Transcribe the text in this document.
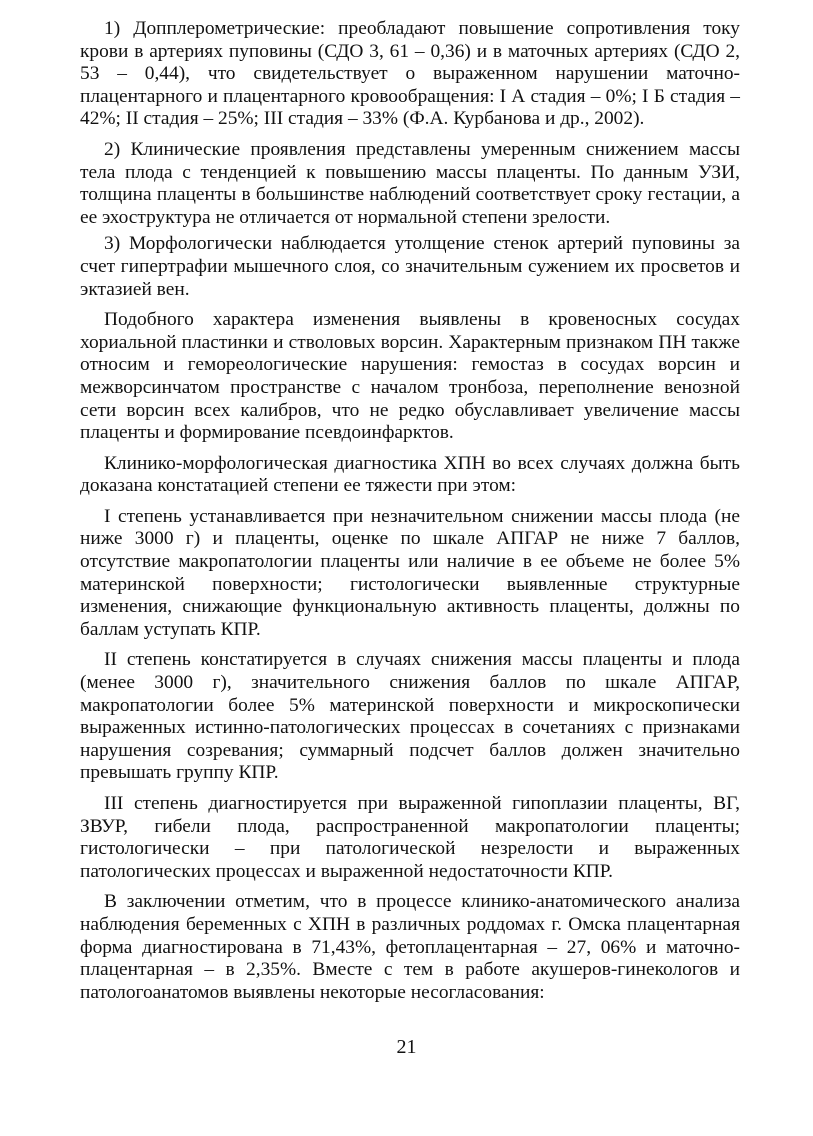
1) Допплерометрические: преобладают повышение сопротивления току крови в артериях пуповины (СДО 3, 61 – 0,36) и в маточных артериях (СДО 2, 53 – 0,44), что свидетельствует о выраженном нарушении маточно-плацентарного и плацентарного кровообращения: I А стадия – 0%; I Б стадия – 42%; II стадия – 25%; III стадия – 33% (Ф.А. Курбанова и др., 2002).

2) Клинические проявления представлены умеренным снижением массы тела плода с тенденцией к повышению массы плаценты. По данным УЗИ, толщина плаценты в большинстве наблюдений соответствует сроку гестации, а ее эхоструктура не отличается от нормальной степени зрелости.

3) Морфологически наблюдается утолщение стенок артерий пуповины за счет гипертрафии мышечного слоя, со значительным сужением их просветов и эктазией вен.

Подобного характера изменения выявлены в кровеносных сосудах хориальной пластинки и стволовых ворсин. Характерным признаком ПН также относим и гемореологические нарушения: гемостаз в сосудах ворсин и межворсинчатом пространстве с началом тронбоза, переполнение венозной сети ворсин всех калибров, что не редко обуславливает увеличение массы плаценты и формирование псевдоинфарктов.

Клинико-морфологическая диагностика ХПН во всех случаях должна быть доказана констатацией степени ее тяжести при этом:

I степень устанавливается при незначительном снижении массы плода (не ниже 3000 г) и плаценты, оценке по шкале АПГАР не ниже 7 баллов, отсутствие макропатологии плаценты или наличие в ее объеме не более 5% материнской поверхности; гистологически выявленные структурные изменения, снижающие функциональную активность плаценты, должны по баллам уступать КПР.

II степень констатируется в случаях снижения массы плаценты и плода (менее 3000 г), значительного снижения баллов по шкале АПГАР, макропатологии более 5% материнской поверхности и микроскопически выраженных истинно-патологических процессах в сочетаниях с признаками нарушения созревания; суммарный подсчет баллов должен значительно превышать группу КПР.

III степень диагностируется при выраженной гипоплазии плаценты, ВГ, ЗВУР, гибели плода, распространенной макропатологии плаценты; гистологически – при патологической незрелости и выраженных патологических процессах и выраженной недостаточности КПР.

В заключении отметим, что в процессе клинико-анатомического анализа наблюдения беременных с ХПН в различных роддомах г. Омска плацентарная форма диагностирована в 71,43%, фетоплацентарная – 27, 06% и маточно-плацентарная – в 2,35%. Вместе с тем в работе акушеров-гинекологов и патологоанатомов выявлены некоторые несогласования:

21
